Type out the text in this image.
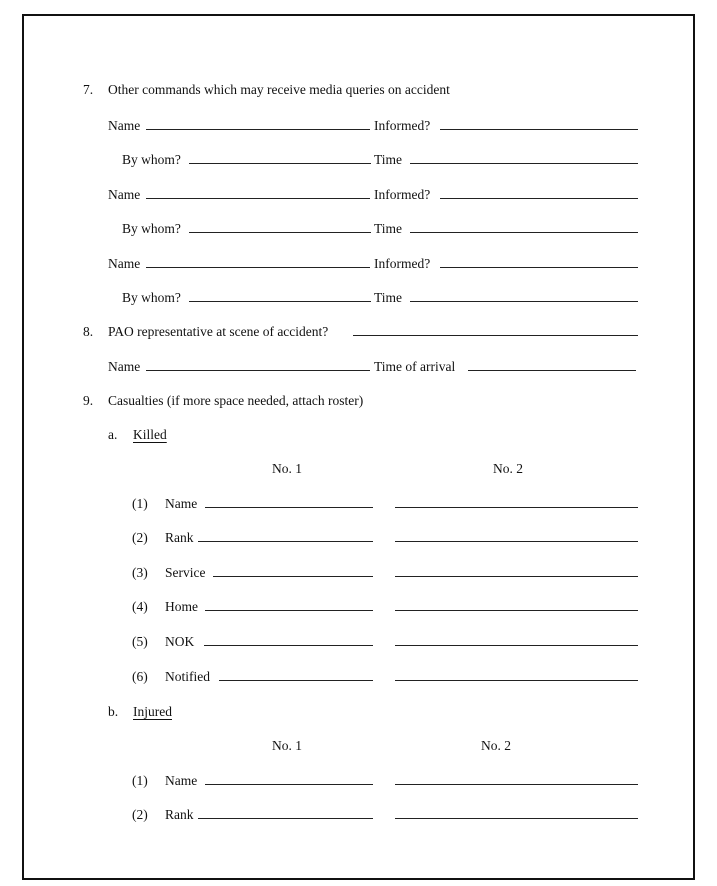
7. Other commands which may receive media queries on accident
Name	Informed?
By whom?	Time
Name	Informed?
By whom?	Time
Name	Informed?
By whom?	Time
8. PAO representative at scene of accident?
Name	Time of arrival
9. Casualties (if more space needed, attach roster)
a. Killed
No. 1	No. 2
(1) Name
(2) Rank
(3) Service
(4) Home
(5) NOK
(6) Notified
b. Injured
No. 1	No. 2
(1) Name
(2) Rank
